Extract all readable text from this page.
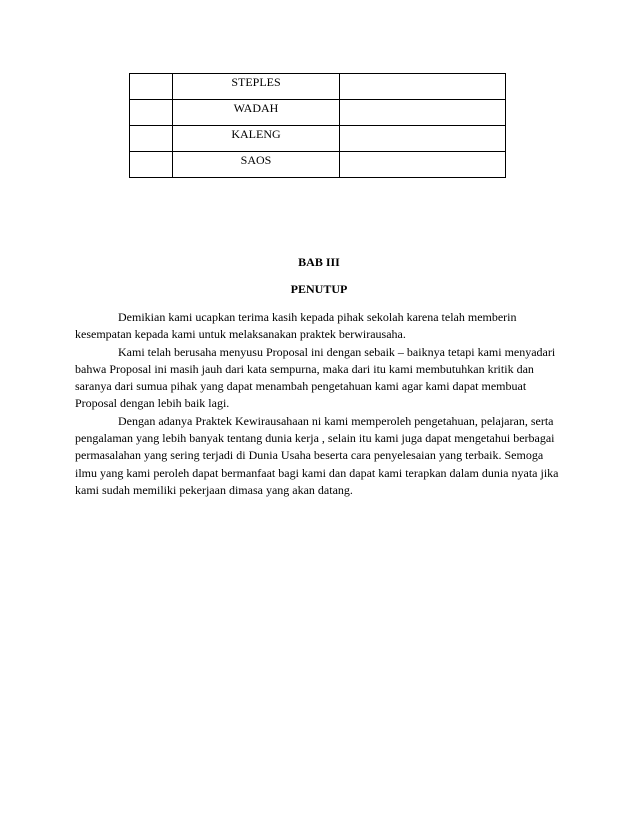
	STEPLES	
	WADAH	
	KALENG	
	SAOS	
BAB III
PENUTUP

Demikian kami ucapkan terima kasih kepada pihak sekolah karena telah memberin kesempatan kepada kami untuk melaksanakan praktek berwirausaha.

Kami telah berusaha menyusu Proposal ini dengan sebaik – baiknya tetapi kami menyadari bahwa Proposal ini masih jauh dari kata sempurna, maka dari itu kami membutuhkan kritik dan saranya dari sumua pihak yang dapat menambah pengetahuan kami agar kami dapat membuat Proposal dengan lebih baik lagi.

Dengan adanya Praktek Kewirausahaan ni kami memperoleh pengetahuan, pelajaran, serta pengalaman yang lebih banyak tentang dunia kerja , selain itu kami juga dapat mengetahui berbagai permasalahan yang sering terjadi di Dunia Usaha beserta cara penyelesaian yang terbaik. Semoga ilmu yang kami peroleh dapat bermanfaat bagi kami dan dapat kami terapkan dalam dunia nyata jika kami sudah memiliki pekerjaan dimasa yang akan datang.
